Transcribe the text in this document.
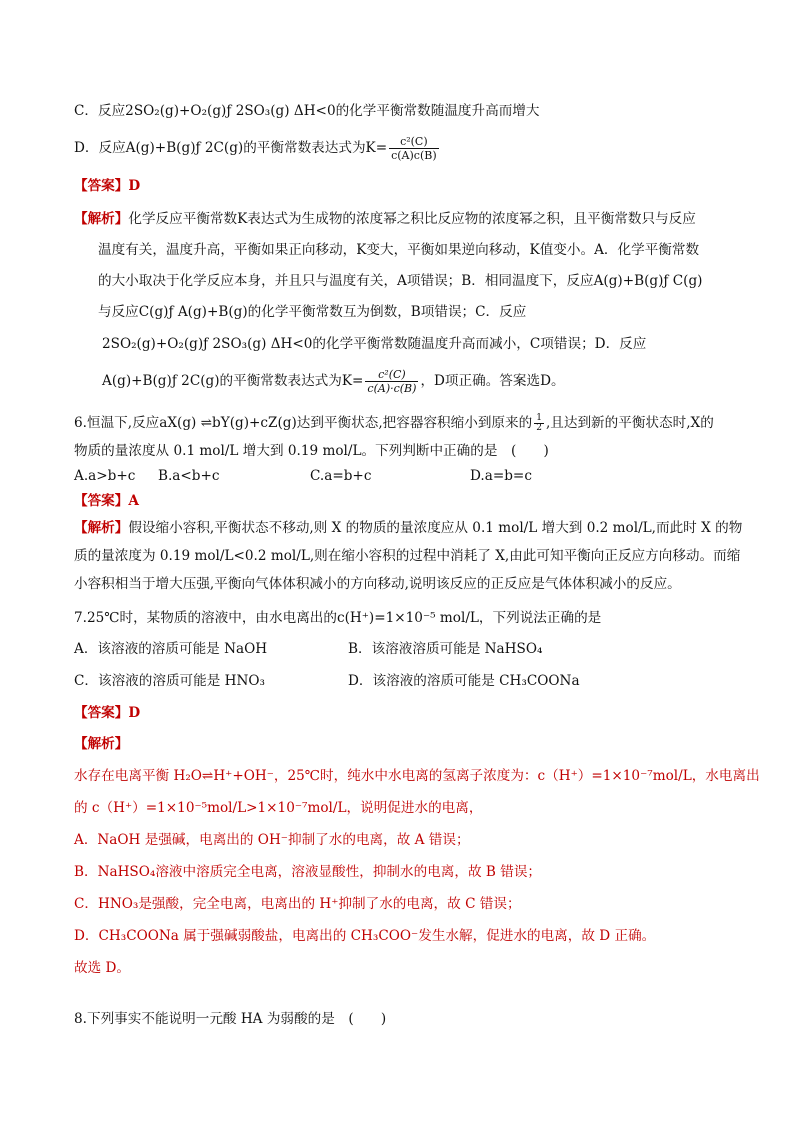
C．反应2SO₂(g)+O₂(g)ƒ 2SO₃(g) ΔH<0的化学平衡常数随温度升高而增大
D．反应A(g)+B(g)ƒ 2C(g)的平衡常数表达式为$K= \frac{\text{c²(C)}}{c(A)c(B)}$
【答案】D
【解析】化学反应平衡常数K表达式为生成物的浓度幂之积比反应物的浓度幂之积，且平衡常数只与反应
温度有关，温度升高，平衡如果正向移动，K变大，平衡如果逆向移动，K值变小。A．化学平衡常数
的大小取决于化学反应本身，并且只与温度有关，A项错误；B．相同温度下，反应A(g)+B(g)ƒ C(g)
与反应C(g)ƒ A(g)+B(g)的化学平衡常数互为倒数，B项错误；C．反应
2SO₂(g)+O₂(g)ƒ 2SO₃(g) ΔH<0的化学平衡常数随温度升高而减小，C项错误；D．反应
A(g)+B(g)ƒ 2C(g)的平衡常数表达式为$K= \frac{\text{c²(C)}}{c(A)\cdot c(B)}$ ，D项正确。答案选D。
6.恒温下,反应aX(g) ⇌bY(g)+cZ(g)达到平衡状态,把容器容积缩小到原来的 $\frac{1}{2}$ ,且达到新的平衡状态时,X的
物质的量浓度从 0.1 mol/L 增大到 0.19 mol/L。下列判断中正确的是　(　　)
A.a>b+c B.a<b+c	C.a=b+c	D.a=b=c
【答案】A
【解析】假设缩小容积,平衡状态不移动,则 X 的物质的量浓度应从 0.1 mol/L 增大到 0.2 mol/L,而此时 X 的物
质的量浓度为 0.19 mol/L<0.2 mol/L,则在缩小容积的过程中消耗了 X,由此可知平衡向正反应方向移动。而缩
小容积相当于增大压强,平衡向气体体积减小的方向移动,说明该反应的正反应是气体体积减小的反应。
7.25℃时，某物质的溶液中，由水电离出的c(H⁺)=1×10⁻⁵ mol/L，下列说法正确的是
A．该溶液的溶质可能是 NaOH	B．该溶液溶质可能是 NaHSO₄
C．该溶液的溶质可能是 HNO₃	D．该溶液的溶质可能是 CH₃COONa
【答案】D
【解析】
水存在电离平衡 H₂O⇌H⁺+OH⁻，25℃时，纯水中水电离的氢离子浓度为：c（H⁺）=1×10⁻⁷mol/L，水电离出
的 c（H⁺）=1×10⁻⁵mol/L>1×10⁻⁷mol/L，说明促进水的电离，
A．NaOH 是强碱，电离出的 OH⁻抑制了水的电离，故 A 错误；
B．NaHSO₄溶液中溶质完全电离，溶液显酸性，抑制水的电离，故 B 错误；
C．HNO₃是强酸，完全电离，电离出的 H⁺抑制了水的电离，故 C 错误；
D．CH₃COONa 属于强碱弱酸盐，电离出的 CH₃COO⁻发生水解，促进水的电离，故 D 正确。
故选 D。
8.下列事实不能说明一元酸 HA 为弱酸的是　(　　)
